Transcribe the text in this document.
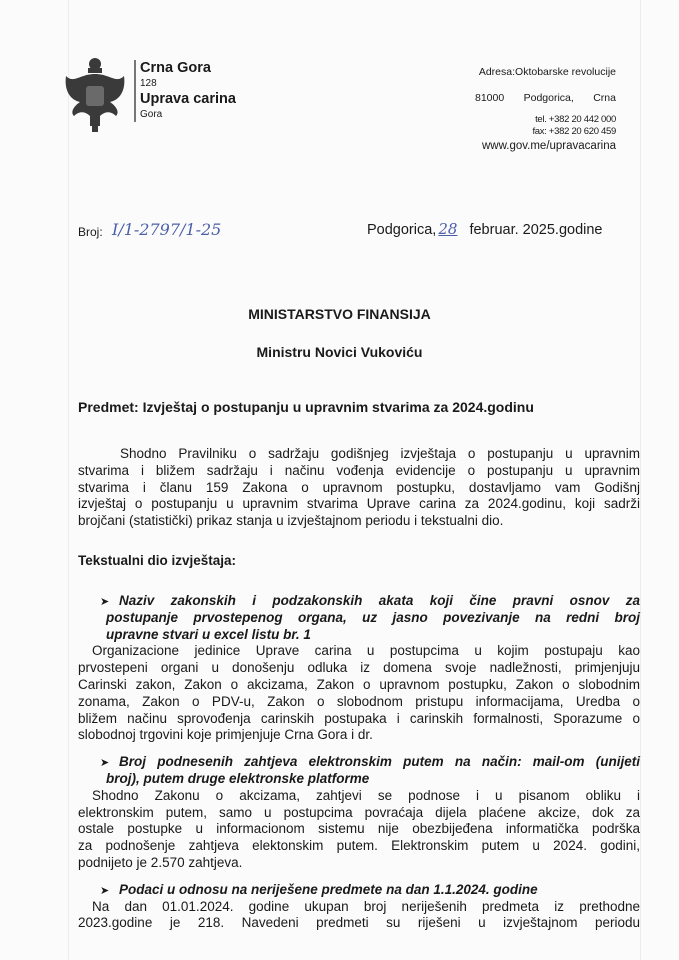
Crna Gora
128
Uprava carina
Gora
Adresa:Oktobarske revolucije
81000 Podgorica, Crna
tel. +382 20 442 000
fax: +382 20 620 459
www.gov.me/upravacarina
Broj: I/1-2797/1-25	Podgorica, 28 februar. 2025.godine
MINISTARSTVO FINANSIJA
Ministru Novici Vukoviću
Predmet: Izvještaj o postupanju u upravnim stvarima za 2024.godinu
Shodno Pravilniku o sadržaju godišnjeg izvještaja o postupanju u upravnim
stvarima i bližem sadržaju i načinu vođenja evidencije o postupanju u upravnim
stvarima i članu 159 Zakona o upravnom postupku, dostavljamo vam Godišnj
izvještaj o postupanju u upravnim stvarima Uprave carina za 2024.godinu, koji sadrži
brojčani (statistički) prikaz stanja u izvještajnom periodu i tekstualni dio.
Tekstualni dio izvještaja:
➤ Naziv zakonskih i podzakonskih akata koji čine pravni osnov za
postupanje prvostepenog organa, uz jasno povezivanje na redni broj
upravne stvari u excel listu br. 1
Organizacione jedinice Uprave carina u postupcima u kojim postupaju kao
prvostepeni organi u donošenju odluka iz domena svoje nadležnosti, primjenjuju
Carinski zakon, Zakon o akcizama, Zakon o upravnom postupku, Zakon o slobodnim
zonama, Zakon o PDV-u, Zakon o slobodnom pristupu informacijama, Uredba o
bližem načinu sprovođenja carinskih postupaka i carinskih formalnosti, Sporazume o
slobodnoj trgovini koje primjenjuje Crna Gora i dr.
➤ Broj podnesenih zahtjeva elektronskim putem na način: mail-om (unijeti
broj), putem druge elektronske platforme
Shodno Zakonu o akcizama, zahtjevi se podnose i u pisanom obliku i
elektronskim putem, samo u postupcima povraćaja dijela plaćene akcize, dok za
ostale postupke u informacionom sistemu nije obezbijeđena informatička podrška
za podnošenje zahtjeva elektonskim putem. Elektronskim putem u 2024. godini,
podnijeto je 2.570 zahtjeva.
➤ Podaci u odnosu na neriješene predmete na dan 1.1.2024. godine
Na dan 01.01.2024. godine ukupan broj neriješenih predmeta iz prethodne
2023.godine je 218. Navedeni predmeti su riješeni u izvještajnom periodu
